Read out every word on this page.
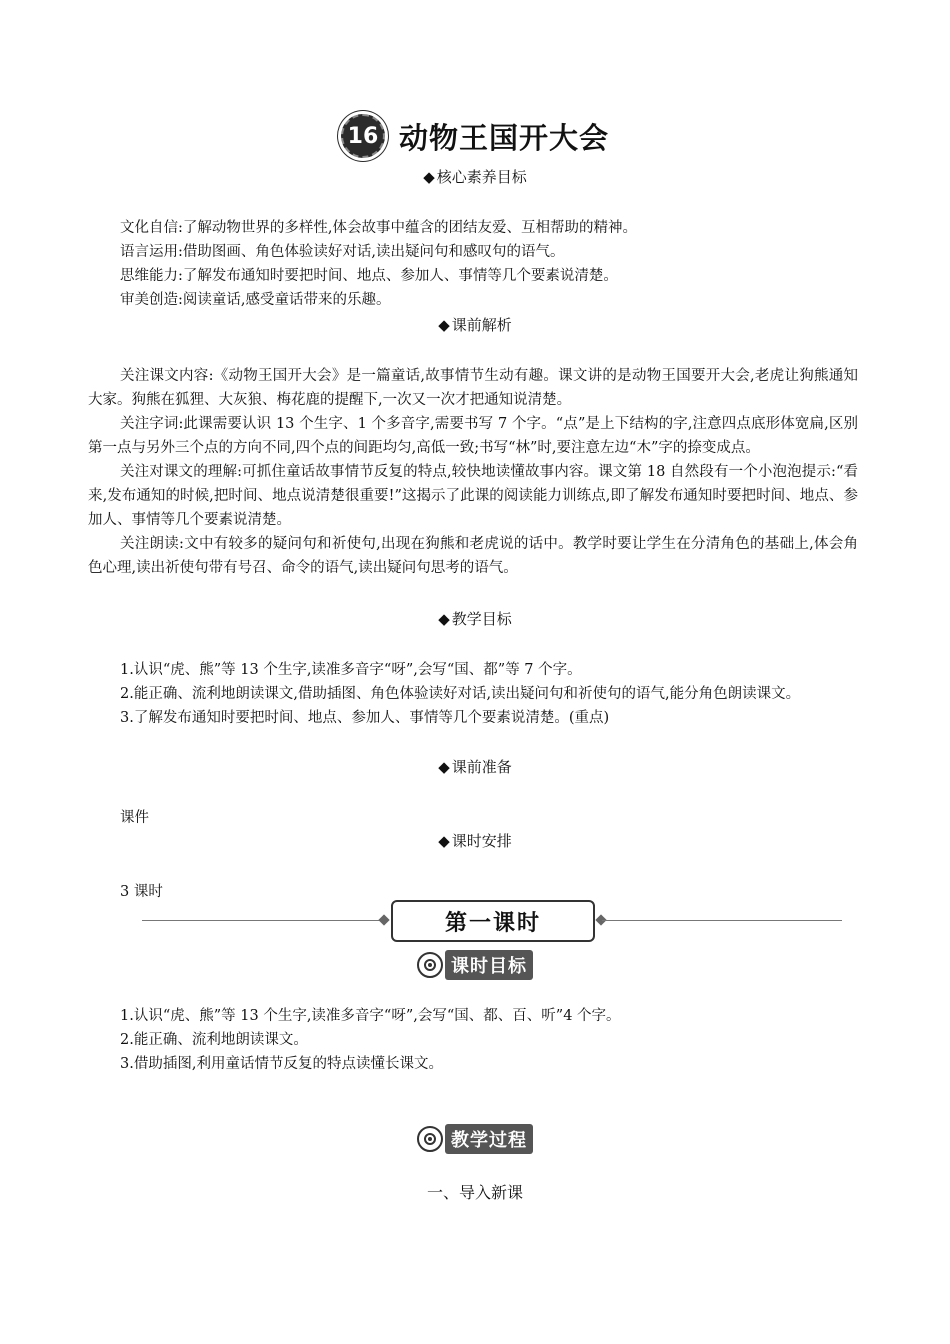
16 动物王国开大会
◆ 核心素养目标

文化自信:了解动物世界的多样性,体会故事中蕴含的团结友爱、互相帮助的精神。

语言运用:借助图画、角色体验读好对话,读出疑问句和感叹句的语气。

思维能力:了解发布通知时要把时间、地点、参加人、事情等几个要素说清楚。

审美创造:阅读童话,感受童话带来的乐趣。

◆ 课前解析

关注课文内容:《动物王国开大会》是一篇童话,故事情节生动有趣。课文讲的是动物王国要开大会,老虎让狗熊通知大家。狗熊在狐狸、大灰狼、梅花鹿的提醒下,一次又一次才把通知说清楚。

关注字词:此课需要认识 13 个生字、1 个多音字,需要书写 7 个字。“点”是上下结构的字,注意四点底形体宽扁,区别第一点与另外三个点的方向不同,四个点的间距均匀,高低一致;书写“林”时,要注意左边“木”字的捺变成点。

关注对课文的理解:可抓住童话故事情节反复的特点,较快地读懂故事内容。课文第 18 自然段有一个小泡泡提示:“看来,发布通知的时候,把时间、地点说清楚很重要!”这揭示了此课的阅读能力训练点,即了解发布通知时要把时间、地点、参加人、事情等几个要素说清楚。

关注朗读:文中有较多的疑问句和祈使句,出现在狗熊和老虎说的话中。教学时要让学生在分清角色的基础上,体会角色心理,读出祈使句带有号召、命令的语气,读出疑问句思考的语气。

◆ 教学目标

1.认识“虎、熊”等 13 个生字,读准多音字“呀”,会写“国、都”等 7 个字。

2.能正确、流利地朗读课文,借助插图、角色体验读好对话,读出疑问句和祈使句的语气,能分角色朗读课文。

3.了解发布通知时要把时间、地点、参加人、事情等几个要素说清楚。(重点)

◆ 课前准备

课件

◆ 课时安排

3 课时

第一课时
课时目标

1.认识“虎、熊”等 13 个生字,读准多音字“呀”,会写“国、都、百、听”4 个字。

2.能正确、流利地朗读课文。

3.借助插图,利用童话情节反复的特点读懂长课文。

教学过程
一、导入新课
